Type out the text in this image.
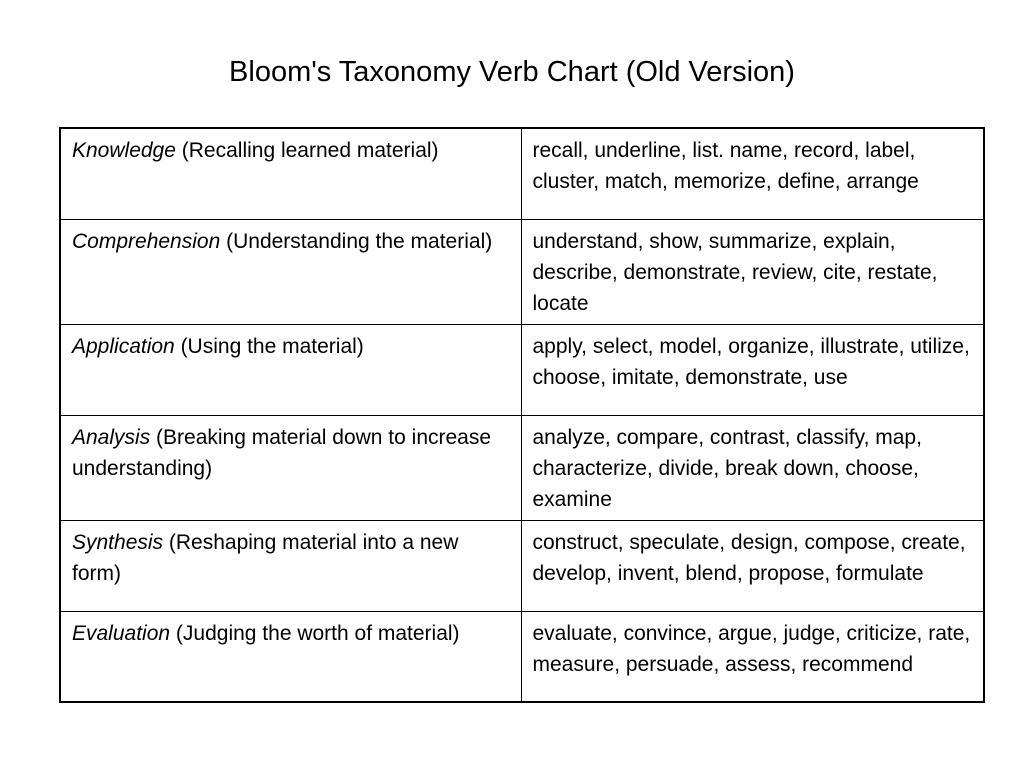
Bloom's Taxonomy Verb Chart (Old Version)
Knowledge (Recalling learned material)	recall, underline, list. name, record, label, cluster, match, memorize, define, arrange
Comprehension (Understanding the material)	understand, show, summarize, explain, describe, demonstrate, review, cite, restate, locate
Application (Using the material)	apply, select, model, organize, illustrate, utilize, choose, imitate, demonstrate, use
Analysis (Breaking material down to increase understanding)	analyze, compare, contrast, classify, map, characterize, divide, break down, choose, examine
Synthesis (Reshaping material into a new form)	construct, speculate, design, compose, create, develop, invent, blend, propose, formulate
Evaluation (Judging the worth of material)	evaluate, convince, argue, judge, criticize, rate, measure, persuade, assess, recommend
